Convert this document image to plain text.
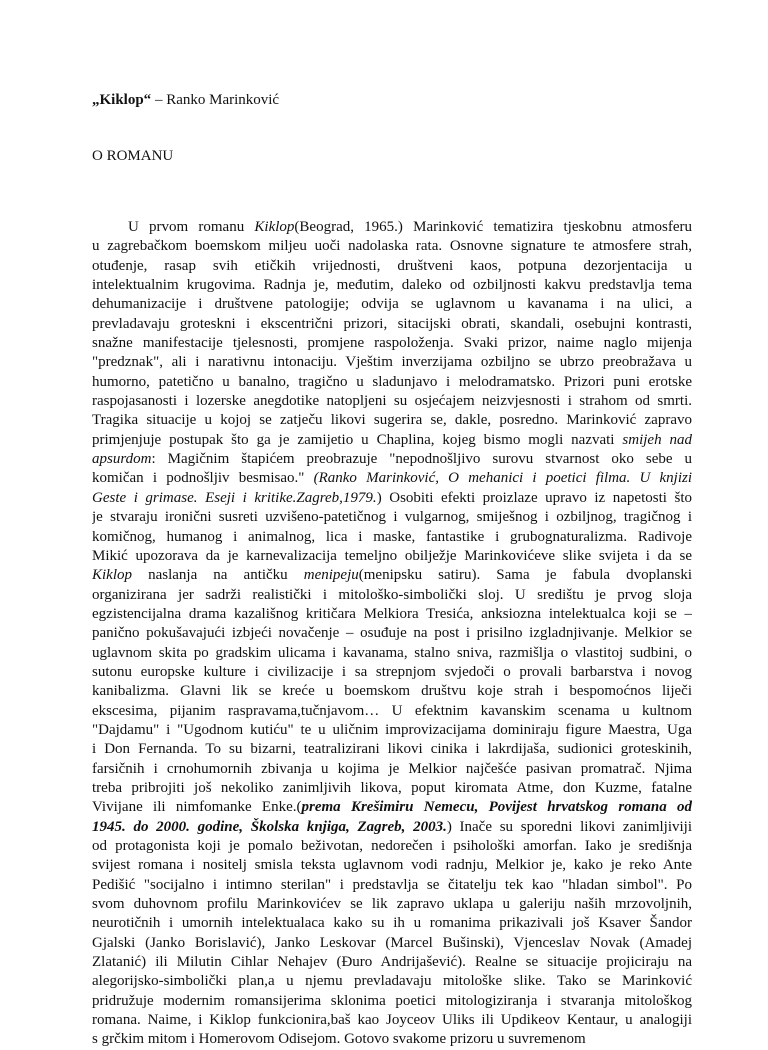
„Kiklop“ – Ranko Marinković
O ROMANU
U prvom romanu Kiklop(Beograd, 1965.) Marinković tematizira tjeskobnu atmosferu
u zagrebačkom boemskom miljeu uoči nadolaska rata. Osnovne signature te atmosfere strah,
otuđenje, rasap svih etičkih vrijednosti, društveni kaos, potpuna dezorjentacija u
intelektualnim krugovima. Radnja je, međutim, daleko od ozbiljnosti kakvu predstavlja tema
dehumanizacije i društvene patologije; odvija se uglavnom u kavanama i na ulici, a
prevladavaju groteskni i ekscentrični prizori, sitacijski obrati, skandali, osebujni kontrasti,
snažne manifestacije tjelesnosti, promjene raspoloženja. Svaki prizor, naime naglo mijenja
"predznak", ali i narativnu intonaciju. Vještim inverzijama ozbiljno se ubrzo preobražava u
humorno, patetično u banalno, tragično u sladunjavo i melodramatsko. Prizori puni erotske
raspojasanosti i lozerske anegdotike natopljeni su osjećajem neizvjesnosti i strahom od smrti.
Tragika situacije u kojoj se zatječu likovi sugerira se, dakle, posredno. Marinković zapravo
primjenjuje postupak što ga je zamijetio u Chaplina, kojeg bismo mogli nazvati smijeh nad
apsurdom: Magičnim štapićem preobrazuje "nepodnošljivo surovu stvarnost oko sebe u
komičan i podnošljiv besmisao." (Ranko Marinković, O mehanici i poetici filma. U knjizi
Geste i grimase. Eseji i kritike.Zagreb,1979.) Osobiti efekti proizlaze upravo iz napetosti što
je stvaraju ironični susreti uzvišeno-patetičnog i vulgarnog, smiješnog i ozbiljnog, tragičnog i
komičnog, humanog i animalnog, lica i maske, fantastike i grubognaturalizma. Radivoje
Mikić upozorava da je karnevalizacija temeljno obilježje Marinkovićeve slike svijeta i da se
Kiklop naslanja na antičku menipeju(menipsku satiru). Sama je fabula dvoplanski
organizirana jer sadrži realistički i mitološko-simbolički sloj. U središtu je prvog sloja
egzistencijalna drama kazališnog kritičara Melkiora Tresića, anksiozna intelektualca koji se –
panično pokušavajući izbjeći novačenje – osuđuje na post i prisilno izgladnjivanje. Melkior se
uglavnom skita po gradskim ulicama i kavanama, stalno sniva, razmišlja o vlastitoj sudbini, o
sutonu europske kulture i civilizacije i sa strepnjom svjedoči o provali barbarstva i novog
kanibalizma. Glavni lik se kreće u boemskom društvu koje strah i bespomoćnos liječi
ekscesima, pijanim raspravama,tučnjavom… U efektnim kavanskim scenama u kultnom
"Dajdamu" i "Ugodnom kutiću" te u uličnim improvizacijama dominiraju figure Maestra, Uga
i Don Fernanda. To su bizarni, teatralizirani likovi cinika i lakrdijaša, sudionici groteskinih,
farsičnih i crnohumornih zbivanja u kojima je Melkior najčešće pasivan promatrač. Njima
treba pribrojiti još nekoliko zanimljivih likova, poput kiromata Atme, don Kuzme, fatalne
Vivijane ili nimfomanke Enke.(prema Krešimiru Nemecu, Povijest hrvatskog romana od
1945. do 2000. godine, Školska knjiga, Zagreb, 2003.) Inače su sporedni likovi zanimljiviji
od protagonista koji je pomalo beživotan, nedorečen i psihološki amorfan. Iako je središnja
svijest romana i nositelj smisla teksta uglavnom vodi radnju, Melkior je, kako je reko Ante
Pedišić "socijalno i intimno sterilan" i predstavlja se čitatelju tek kao "hladan simbol". Po
svom duhovnom profilu Marinkovićev se lik zapravo uklapa u galeriju naših mrzovoljnih,
neurotičnih i umornih intelektualaca kako su ih u romanima prikazivali još Ksaver Šandor
Gjalski (Janko Borislavić), Janko Leskovar (Marcel Bušinski), Vjenceslav Novak (Amadej
Zlatanić) ili Milutin Cihlar Nehajev (Đuro Andrijašević). Realne se situacije projiciraju na
alegorijsko-simbolički plan,a u njemu prevladavaju mitološke slike. Tako se Marinković
pridružuje modernim romansijerima sklonima poetici mitologiziranja i stvaranja mitološkog
romana. Naime, i Kiklop funkcionira,baš kao Joyceov Uliks ili Updikeov Kentaur, u analogiji
s grčkim mitom i Homerovom Odisejom. Gotovo svakome prizoru u suvremenom
